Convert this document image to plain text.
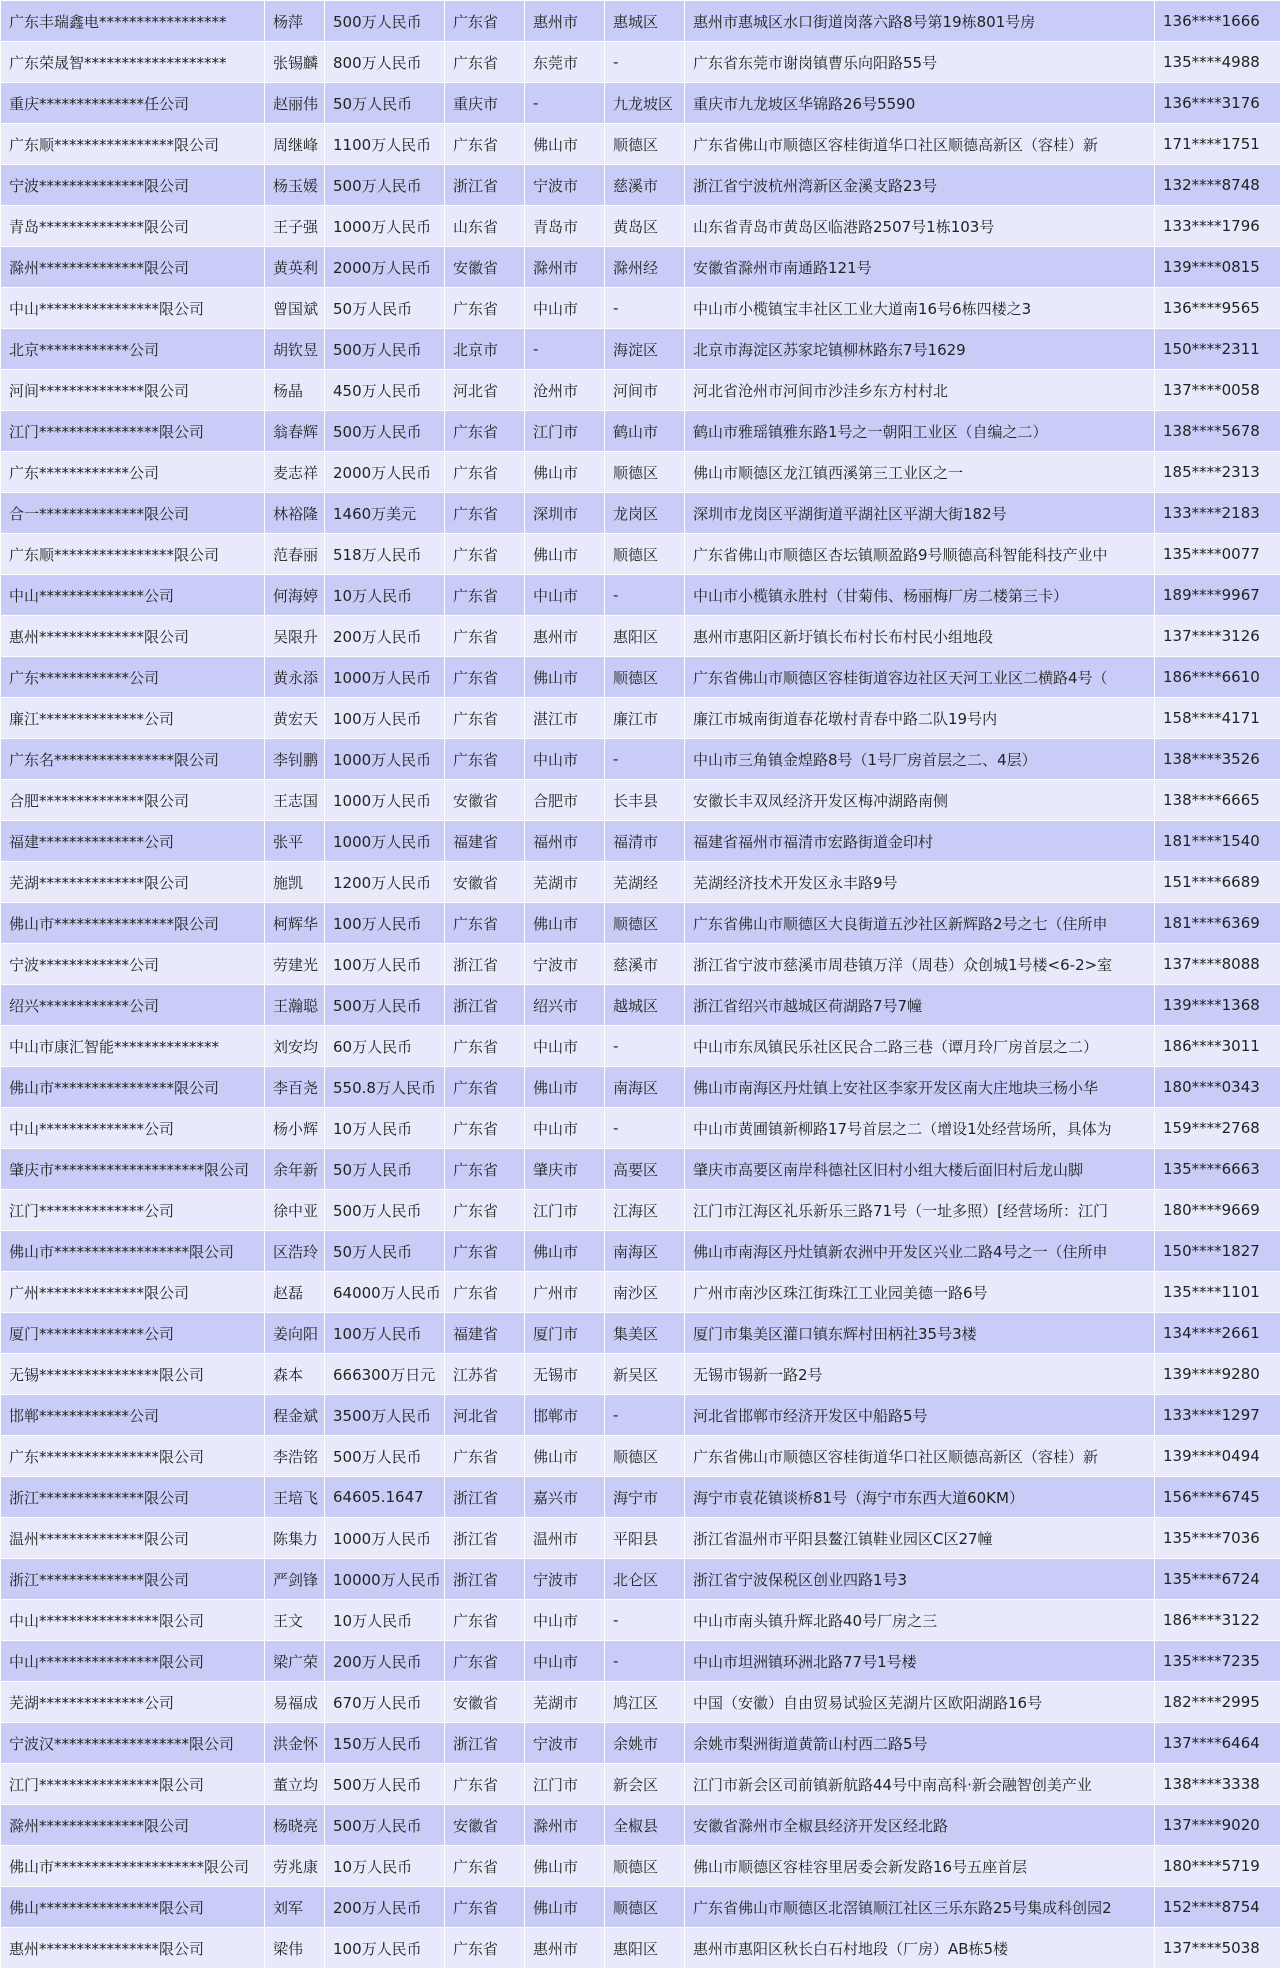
广东丰瑞鑫电*****************	杨萍	500万人民币	广东省	惠州市	惠城区	惠州市惠城区水口街道岗落六路8号第19栋801号房	136****1666
广东荣晟智*******************	张锡麟	800万人民币	广东省	东莞市	-	广东省东莞市谢岗镇曹乐向阳路55号	135****4988
重庆**************任公司	赵丽伟	50万人民币	重庆市	-	九龙坡区	重庆市九龙坡区华锦路26号5590	136****3176
广东顺****************限公司	周继峰	1100万人民币	广东省	佛山市	顺德区	广东省佛山市顺德区容桂街道华口社区顺德高新区（容桂）新	171****1751
宁波**************限公司	杨玉媛	500万人民币	浙江省	宁波市	慈溪市	浙江省宁波杭州湾新区金溪支路23号	132****8748
青岛**************限公司	王子强	1000万人民币	山东省	青岛市	黄岛区	山东省青岛市黄岛区临港路2507号1栋103号	133****1796
滁州**************限公司	黄英利	2000万人民币	安徽省	滁州市	滁州经	安徽省滁州市南通路121号	139****0815
中山****************限公司	曾国斌	50万人民币	广东省	中山市	-	中山市小榄镇宝丰社区工业大道南16号6栋四楼之3	136****9565
北京************公司	胡钦昱	500万人民币	北京市	-	海淀区	北京市海淀区苏家坨镇柳林路东7号1629	150****2311
河间**************限公司	杨晶	450万人民币	河北省	沧州市	河间市	河北省沧州市河间市沙洼乡东方村村北	137****0058
江门****************限公司	翁春辉	500万人民币	广东省	江门市	鹤山市	鹤山市雅瑶镇雅东路1号之一朝阳工业区（自编之二）	138****5678
广东************公司	麦志祥	2000万人民币	广东省	佛山市	顺德区	佛山市顺德区龙江镇西溪第三工业区之一	185****2313
合一**************限公司	林裕隆	1460万美元	广东省	深圳市	龙岗区	深圳市龙岗区平湖街道平湖社区平湖大街182号	133****2183
广东顺****************限公司	范春丽	518万人民币	广东省	佛山市	顺德区	广东省佛山市顺德区杏坛镇顺盈路9号顺德高科智能科技产业中	135****0077
中山**************公司	何海婷	10万人民币	广东省	中山市	-	中山市小榄镇永胜村（甘菊伟、杨丽梅厂房二楼第三卡）	189****9967
惠州**************限公司	吴限升	200万人民币	广东省	惠州市	惠阳区	惠州市惠阳区新圩镇长布村长布村民小组地段	137****3126
广东************公司	黄永添	1000万人民币	广东省	佛山市	顺德区	广东省佛山市顺德区容桂街道容边社区天河工业区二横路4号（	186****6610
廉江**************公司	黄宏天	100万人民币	广东省	湛江市	廉江市	廉江市城南街道春花墩村青春中路二队19号内	158****4171
广东名****************限公司	李钊鹏	1000万人民币	广东省	中山市	-	中山市三角镇金煌路8号（1号厂房首层之二、4层）	138****3526
合肥**************限公司	王志国	1000万人民币	安徽省	合肥市	长丰县	安徽长丰双凤经济开发区梅冲湖路南侧	138****6665
福建**************公司	张平	1000万人民币	福建省	福州市	福清市	福建省福州市福清市宏路街道金印村	181****1540
芜湖**************限公司	施凯	1200万人民币	安徽省	芜湖市	芜湖经	芜湖经济技术开发区永丰路9号	151****6689
佛山市****************限公司	柯辉华	100万人民币	广东省	佛山市	顺德区	广东省佛山市顺德区大良街道五沙社区新辉路2号之七（住所申	181****6369
宁波************公司	劳建光	100万人民币	浙江省	宁波市	慈溪市	浙江省宁波市慈溪市周巷镇万洋（周巷）众创城1号楼<6-2>室	137****8088
绍兴************公司	王瀚聪	500万人民币	浙江省	绍兴市	越城区	浙江省绍兴市越城区荷湖路7号7幢	139****1368
中山市康汇智能**************	刘安均	60万人民币	广东省	中山市	-	中山市东凤镇民乐社区民合二路三巷（谭月玲厂房首层之二）	186****3011
佛山市****************限公司	李百尧	550.8万人民币	广东省	佛山市	南海区	佛山市南海区丹灶镇上安社区李家开发区南大庄地块三杨小华	180****0343
中山**************公司	杨小辉	10万人民币	广东省	中山市	-	中山市黄圃镇新柳路17号首层之二（增设1处经营场所，具体为	159****2768
肇庆市********************限公司	余年新	50万人民币	广东省	肇庆市	高要区	肇庆市高要区南岸科德社区旧村小组大楼后面旧村后龙山脚	135****6663
江门**************公司	徐中亚	500万人民币	广东省	江门市	江海区	江门市江海区礼乐新乐三路71号（一址多照）[经营场所：江门	180****9669
佛山市******************限公司	区浩玲	50万人民币	广东省	佛山市	南海区	佛山市南海区丹灶镇新农洲中开发区兴业二路4号之一（住所申	150****1827
广州**************限公司	赵磊	64000万人民币	广东省	广州市	南沙区	广州市南沙区珠江街珠江工业园美德一路6号	135****1101
厦门**************公司	姜向阳	100万人民币	福建省	厦门市	集美区	厦门市集美区灌口镇东辉村田柄社35号3楼	134****2661
无锡****************限公司	森本	666300万日元	江苏省	无锡市	新吴区	无锡市锡新一路2号	139****9280
邯郸************公司	程金斌	3500万人民币	河北省	邯郸市	-	河北省邯郸市经济开发区中船路5号	133****1297
广东****************限公司	李浩铭	500万人民币	广东省	佛山市	顺德区	广东省佛山市顺德区容桂街道华口社区顺德高新区（容桂）新	139****0494
浙江**************限公司	王培飞	64605.1647	浙江省	嘉兴市	海宁市	海宁市袁花镇谈桥81号（海宁市东西大道60KM）	156****6745
温州**************限公司	陈集力	1000万人民币	浙江省	温州市	平阳县	浙江省温州市平阳县鳌江镇鞋业园区C区27幢	135****7036
浙江**************限公司	严剑锋	10000万人民币	浙江省	宁波市	北仑区	浙江省宁波保税区创业四路1号3	135****6724
中山****************限公司	王文	10万人民币	广东省	中山市	-	中山市南头镇升辉北路40号厂房之三	186****3122
中山****************限公司	梁广荣	200万人民币	广东省	中山市	-	中山市坦洲镇环洲北路77号1号楼	135****7235
芜湖**************公司	易福成	670万人民币	安徽省	芜湖市	鸠江区	中国（安徽）自由贸易试验区芜湖片区欧阳湖路16号	182****2995
宁波汉******************限公司	洪金怀	150万人民币	浙江省	宁波市	余姚市	余姚市梨洲街道黄箭山村西二路5号	137****6464
江门****************限公司	董立均	500万人民币	广东省	江门市	新会区	江门市新会区司前镇新航路44号中南高科·新会融智创美产业	138****3338
滁州**************限公司	杨晓亮	500万人民币	安徽省	滁州市	全椒县	安徽省滁州市全椒县经济开发区经北路	137****9020
佛山市********************限公司	劳兆康	10万人民币	广东省	佛山市	顺德区	佛山市顺德区容桂容里居委会新发路16号五座首层	180****5719
佛山****************限公司	刘军	200万人民币	广东省	佛山市	顺德区	广东省佛山市顺德区北滘镇顺江社区三乐东路25号集成科创园2	152****8754
惠州****************限公司	梁伟	100万人民币	广东省	惠州市	惠阳区	惠州市惠阳区秋长白石村地段（厂房）AB栋5楼	137****5038
